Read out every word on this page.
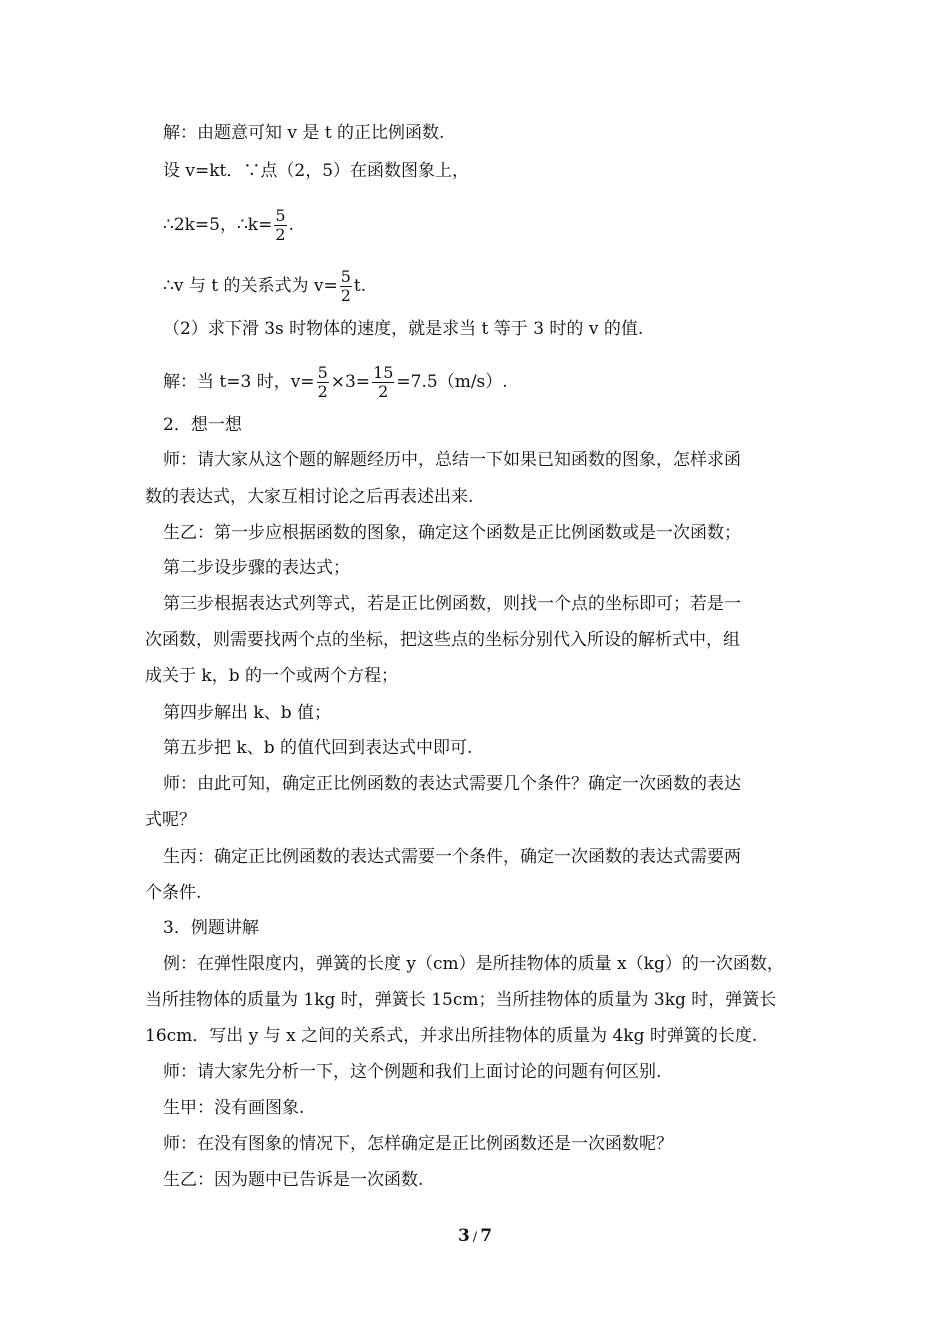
解：由题意可知 v 是 t 的正比例函数.
设 v=kt．∵点（2，5）在函数图象上，
∴2k=5，∴k= $\frac{5}{2}$ .
∴v 与 t 的关系式为 $v= \frac{5}{2} t$.
（2）求下滑 3s 时物体的速度，就是求当 t 等于 3 时的 v 的值.
解：当 t=3 时，$v= \frac{5}{2} \times 3= \frac{15}{2} =7.5(m/s)$.
2．想一想
师：请大家从这个题的解题经历中，总结一下如果已知函数的图象，怎样求函
数的表达式，大家互相讨论之后再表述出来.
生乙：第一步应根据函数的图象，确定这个函数是正比例函数或是一次函数；
第二步设步骤的表达式；
第三步根据表达式列等式，若是正比例函数，则找一个点的坐标即可；若是一
次函数，则需要找两个点的坐标，把这些点的坐标分别代入所设的解析式中，组
成关于 k，b 的一个或两个方程；
第四步解出 k、b 值；
第五步把 k、b 的值代回到表达式中即可.
师：由此可知，确定正比例函数的表达式需要几个条件？确定一次函数的表达
式呢？
生丙：确定正比例函数的表达式需要一个条件，确定一次函数的表达式需要两
个条件.
3．例题讲解
例：在弹性限度内，弹簧的长度 y（cm）是所挂物体的质量 x（kg）的一次函数，
当所挂物体的质量为 1kg 时，弹簧长 15cm；当所挂物体的质量为 3kg 时，弹簧长
16cm．写出 y 与 x 之间的关系式，并求出所挂物体的质量为 4kg 时弹簧的长度.
师：请大家先分析一下，这个例题和我们上面讨论的问题有何区别.
生甲：没有画图象.
师：在没有图象的情况下，怎样确定是正比例函数还是一次函数呢？
生乙：因为题中已告诉是一次函数.
3 / 7
